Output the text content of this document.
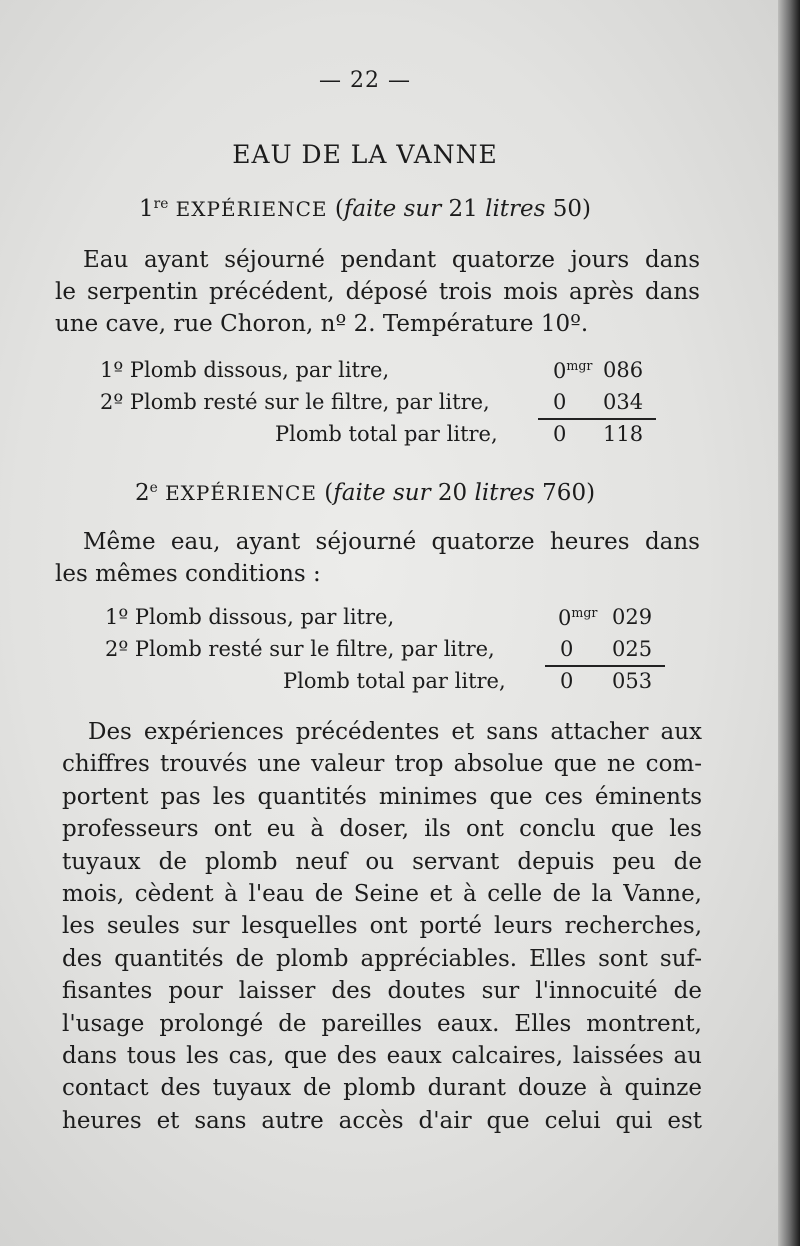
— 22 —
EAU DE LA VANNE
1re EXPÉRIENCE (faite sur 21 litres 50)
Eau ayant séjourné pendant quatorze jours dans
le serpentin précédent, déposé trois mois après dans
une cave, rue Choron, nº 2. Température 10º.
1º Plomb dissous, par litre,	$0^{mgr}$ 086
2º Plomb resté sur le filtre, par litre,	0 034
Plomb total par litre,	0 118
2e EXPÉRIENCE (faite sur 20 litres 760)
Même eau, ayant séjourné quatorze heures dans
les mêmes conditions :
1º Plomb dissous, par litre,	$0^{mgr}$ 029
2º Plomb resté sur le filtre, par litre,	0 025
Plomb total par litre,	0 053
Des expériences précédentes et sans attacher aux
chiffres trouvés une valeur trop absolue que ne com-
portent pas les quantités minimes que ces éminents
professeurs ont eu à doser, ils ont conclu que les
tuyaux de plomb neuf ou servant depuis peu de
mois, cèdent à l'eau de Seine et à celle de la Vanne,
les seules sur lesquelles ont porté leurs recherches,
des quantités de plomb appréciables. Elles sont suf-
fisantes pour laisser des doutes sur l'innocuité de
l'usage prolongé de pareilles eaux. Elles montrent,
dans tous les cas, que des eaux calcaires, laissées au
contact des tuyaux de plomb durant douze à quinze
heures et sans autre accès d'air que celui qui est
